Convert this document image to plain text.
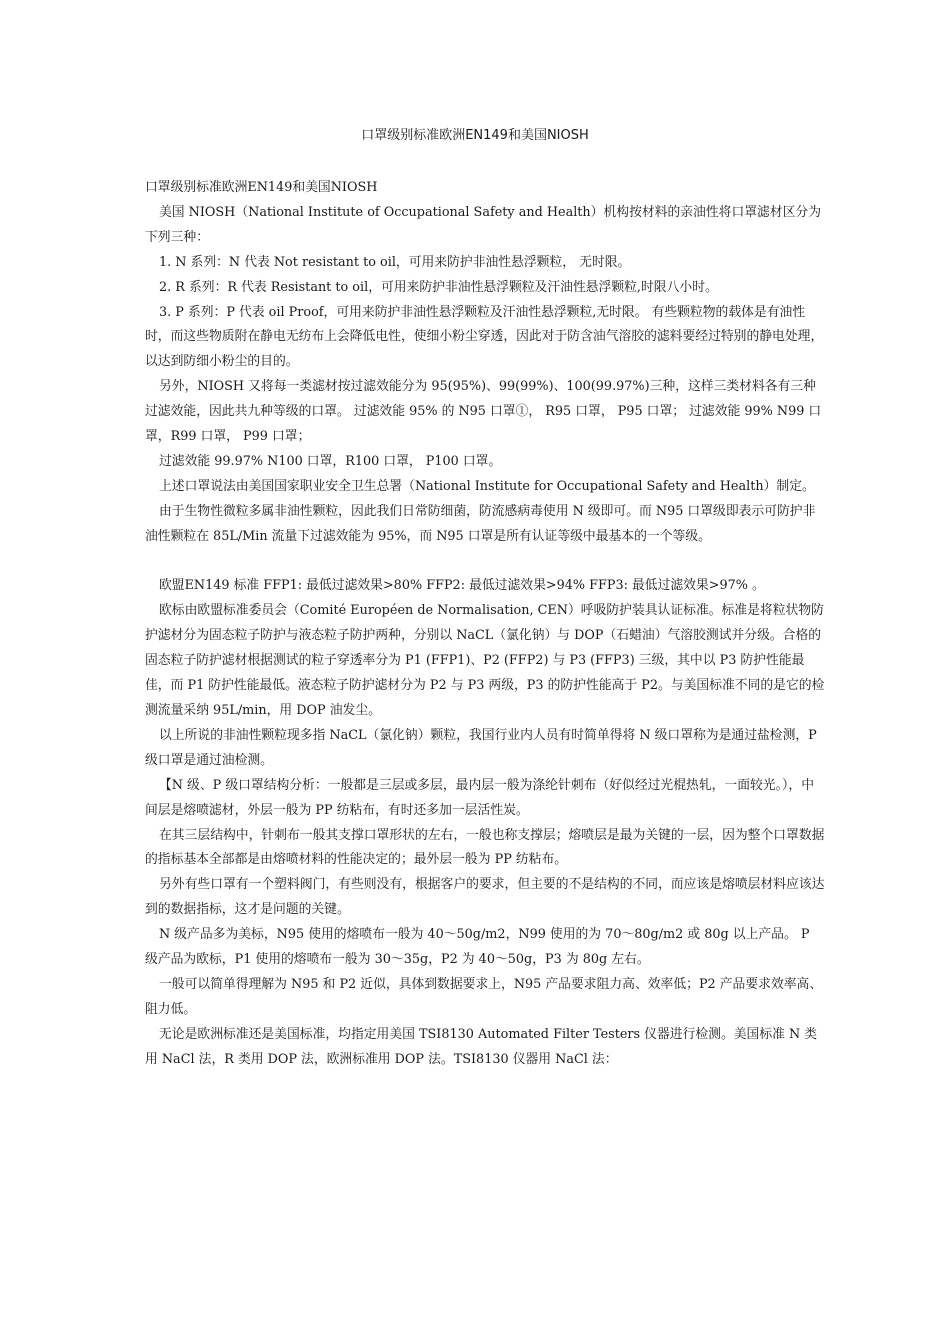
口罩级别标准欧洲EN149和美国NIOSH

口罩级别标准欧洲EN149和美国NIOSH

美国 NIOSH（National Institute of Occupational Safety and Health）机构按材料的亲油性将口罩滤材区分为下列三种：

1. N 系列：N 代表 Not resistant to oil，可用来防护非油性悬浮颗粒， 无时限。

2. R 系列：R 代表 Resistant to oil，可用来防护非油性悬浮颗粒及汗油性悬浮颗粒,时限八小时。

3. P 系列：P 代表 oil Proof，可用来防护非油性悬浮颗粒及汗油性悬浮颗粒,无时限。 有些颗粒物的载体是有油性时，而这些物质附在静电无纺布上会降低电性，使细小粉尘穿透，因此对于防含油气溶胶的滤料要经过特别的静电处理，以达到防细小粉尘的目的。

另外，NIOSH 又将每一类滤材按过滤效能分为 95(95%)、99(99%)、100(99.97%)三种，这样三类材料各有三种过滤效能，因此共九种等级的口罩。 过滤效能 95% 的 N95 口罩①， R95 口罩， P95 口罩； 过滤效能 99% N99 口罩，R99 口罩， P99 口罩；

过滤效能 99.97% N100 口罩，R100 口罩， P100 口罩。

上述口罩说法由美国国家职业安全卫生总署（National Institute for Occupational Safety and Health）制定。

由于生物性微粒多属非油性颗粒，因此我们日常防细菌，防流感病毒使用 N 级即可。而 N95 口罩级即表示可防护非油性颗粒在 85L/Min 流量下过滤效能为 95%，而 N95 口罩是所有认证等级中最基本的一个等级。

欧盟EN149 标准 FFP1: 最低过滤效果>80% FFP2: 最低过滤效果>94% FFP3: 最低过滤效果>97% 。

欧标由欧盟标准委员会（Comité Européen de Normalisation, CEN）呼吸防护装具认证标准。标准是将粒状物防护滤材分为固态粒子防护与液态粒子防护两种，分别以 NaCL（氯化钠）与 DOP（石蜡油）气溶胶测试并分级。合格的固态粒子防护滤材根据测试的粒子穿透率分为 P1 (FFP1)、P2 (FFP2) 与 P3 (FFP3) 三级，其中以 P3 防护性能最佳，而 P1 防护性能最低。液态粒子防护滤材分为 P2 与 P3 两级，P3 的防护性能高于 P2。与美国标准不同的是它的检测流量采纳 95L/min，用 DOP 油发尘。

以上所说的非油性颗粒现多指 NaCL（氯化钠）颗粒，我国行业内人员有时简单得将 N 级口罩称为是通过盐检测，P 级口罩是通过油检测。

【N 级、P 级口罩结构分析：一般都是三层或多层，最内层一般为涤纶针刺布（好似经过光棍热轧，一面较光。），中间层是熔喷滤材，外层一般为 PP 纺粘布，有时还多加一层活性炭。

在其三层结构中，针刺布一般其支撑口罩形状的左右，一般也称支撑层；熔喷层是最为关键的一层，因为整个口罩数据的指标基本全部都是由熔喷材料的性能决定的；最外层一般为 PP 纺粘布。

另外有些口罩有一个塑料阀门，有些则没有，根据客户的要求，但主要的不是结构的不同，而应该是熔喷层材料应该达到的数据指标，这才是问题的关键。

N 级产品多为美标，N95 使用的熔喷布一般为 40～50g/m2，N99 使用的为 70～80g/m2 或 80g 以上产品。 P 级产品为欧标，P1 使用的熔喷布一般为 30～35g，P2 为 40～50g，P3 为 80g 左右。

一般可以简单得理解为 N95 和 P2 近似，具体到数据要求上，N95 产品要求阻力高、效率低；P2 产品要求效率高、阻力低。

无论是欧洲标准还是美国标准，均指定用美国 TSI8130 Automated Filter Testers 仪器进行检测。美国标准 N 类用 NaCl 法，R 类用 DOP 法，欧洲标准用 DOP 法。TSI8130 仪器用 NaCl 法：
